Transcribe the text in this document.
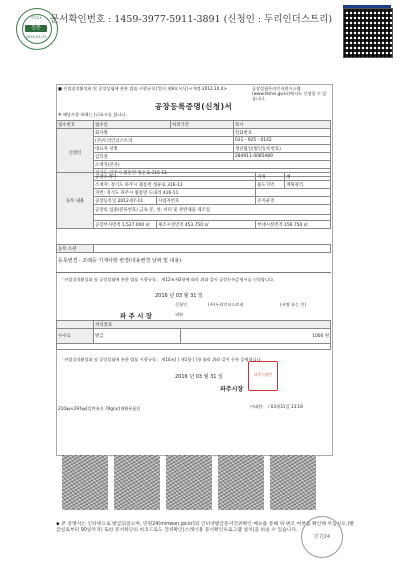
정부24
진본
2016-03-31
문서확인번호 : 1459-3977-5911-3891 (신청인 : 두리인더스트리)
■ 산업집적활성화 및 공장설립에 관한 법률 시행규칙 [별지 제8호서식] <개정 2012.10.4>	공장설립온라인지원시스템(www.femis.go.kr)에서도 신청할 수 있습니다.
공장등록증명(신청)서
※ 해당사항 하에는 (√)표시를 합니다.
접수번호	접수일	처리기간	즉시
신청인	회사명		전화번호
	(주)두리인더스트리		031 - 925 - 0142
	대표자 성명		생년월일(법인등록번호)
	김학철		284911-0085489
	소재지(본사)		
	경기도 파주시 월롱면 청운로 316-11		
등록 내용	공장소재지		지목	대
	소재지: 경기도 파주시 월롱면 청운로 316-11		용도지역	계획관리
	지번: 경기도 파주시 월롱면 도내리 416-11			
	공장등록일 2012-07-11	사업자번호	유지운영	
	공장의 업종(분류번호) 금속 문, 창, 셔터 및 관련제품 제조업			

	공장부지면적 1,527.000 ㎡	제조시설면적 453.750 ㎡	부대시설면적 156.750 ㎡	
등록 소관	
등록변경 - 조례등 기재사항 변경(내용변경 날짜 및 내용)
「산업집적활성화 및 공장설립에 관한 법률 시행규칙」 제12조제3항에 따라 위와 같이 공장등록증명서를 신청합니다.
2016 년 03 월 31 일
신청인	(주)두리인더스트리	(서명 또는 인)
파 주 시 장	귀하
	처리결과	
수수료	발급	1000 원

「산업집적활성화 및 공장설립에 관한 법률 시행규칙」 제16조[ ] 제1항 [ ]항 따라 위와 같이 등록 증명합니다.
2016 년 03 월 31 일
파주시장
파주시장인
이대한 / 03월31일 13:16
210㎜×297㎜[일반용지 70g/㎡(재활용품)]
◆ 본 증명서는 인터넷으로 발급되었으며, 민원24(minwon.go.kr)의 인터넷발급문서진위확인 메뉴를 통해 위·변조 여부를 확인해 주십시오.(발급일로부터 90일까지) 또한 문서하단의 바코드로도 진위확인(스캐너용 문서확인프로그램 설치)을 하실 수 있습니다.
민원24
